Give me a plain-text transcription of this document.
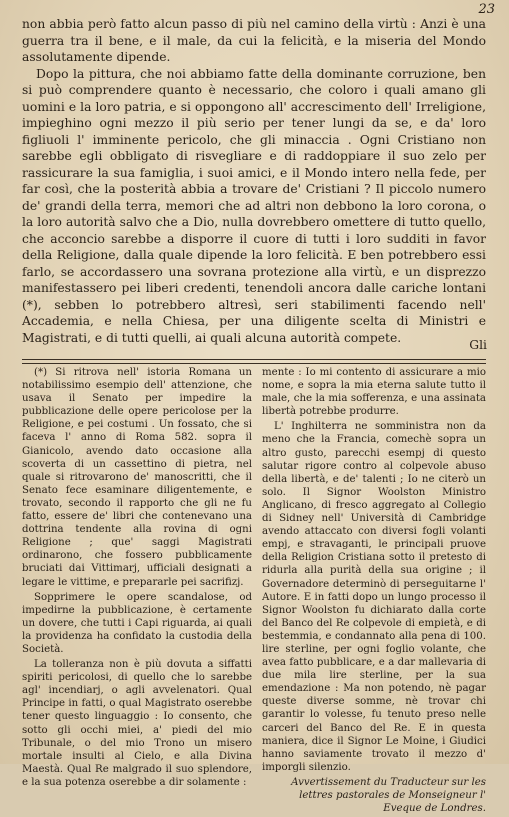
23

non abbia però fatto alcun passo di più nel camino della virtù : Anzi è una guerra tra il bene, e il male, da cui la felicità, e la miseria del Mondo assolutamente dipende.

Dopo la pittura, che noi abbiamo fatte della dominante corruzione, ben si può comprendere quanto è necessario, che coloro i quali amano gli uomini e la loro patria, e si oppongono all' accrescimento dell' Irreligione, impieghino ogni mezzo il più serio per tener lungi da se, e da' loro figliuoli l' imminente pericolo, che gli minaccia . Ogni Cristiano non sarebbe egli obbligato di risvegliare e di raddoppiare il suo zelo per rassicurare la sua famiglia, i suoi amici, e il Mondo intero nella fede, per far così, che la posterità abbia a trovare de' Cristiani ? Il piccolo numero de' grandi della terra, memori che ad altri non debbono la loro corona, o la loro autorità salvo che a Dio, nulla dovrebbero omettere di tutto quello, che acconcio sarebbe a disporre il cuore di tutti i loro sudditi in favor della Religione, dalla quale dipende la loro felicità. E ben potrebbero essi farlo, se accordassero una sovrana protezione alla virtù, e un disprezzo manifestassero pei liberi credenti, tenendoli ancora dalle cariche lontani (*), sebben lo potrebbero altresì, seri stabilimenti facendo nell' Accademia, e nella Chiesa, per una diligente scelta di Ministri e Magistrati, e di tutti quelli, ai quali alcuna autorità compete.

Gli

(*) Si ritrova nell' istoria Romana un notabilissimo esempio dell' attenzione, che usava il Senato per impedire la pubblicazione delle opere pericolose per la Religione, e pei costumi . Un fossato, che si faceva l' anno di Roma 582. sopra il Gianicolo, avendo dato occasione alla scoverta di un cassettino di pietra, nel quale si ritrovarono de' manoscritti, che il Senato fece esaminare diligentemente, e trovato, secondo il rapporto che gli ne fu fatto, essere de' libri che contenevano una dottrina tendente alla rovina di ogni Religione ; que' saggi Magistrati ordinarono, che fossero pubblicamente bruciati dai Vittimarj, ufficiali designati a legare le vittime, e prepararle pei sacrifizj.

Sopprimere le opere scandalose, od impedirne la pubblicazione, è certamente un dovere, che tutti i Capi riguarda, ai quali la providenza ha confidato la custodia della Società.

La tolleranza non è più dovuta a siffatti spiriti pericolosi, di quello che lo sarebbe agl' incendiarj, o agli avvelenatori. Qual Principe in fatti, o qual Magistrato oserebbe tener questo linguaggio : Io consento, che sotto gli occhi miei, a' piedi del mio Tribunale, o del mio Trono un misero mortale insulti al Cielo, e alla Divina Maestà. Qual Re malgrado il suo splendore, e la sua potenza oserebbe a dir solamente :

mente : Io mi contento di assicurare a mio nome, e sopra la mia eterna salute tutto il male, che la mia sofferenza, e una assinata libertà potrebbe produrre.

L' Inghilterra ne somministra non da meno che la Francia, comechè sopra un altro gusto, parecchi esempj di questo salutar rigore contro al colpevole abuso della libertà, e de' talenti ; Io ne citerò un solo. Il Signor Woolston Ministro Anglicano, di fresco aggregato al Collegio di Sidney nell' Università di Cambridge avendo attaccato con diversi fogli volanti empj, e stravaganti, le principali pruove della Religion Cristiana sotto il pretesto di ridurla alla purità della sua origine ; il Governadore determinò di perseguitarne l' Autore. E in fatti dopo un lungo processo il Signor Woolston fu dichiarato dalla corte del Banco del Re colpevole di empietà, e di bestemmia, e condannato alla pena di 100. lire sterline, per ogni foglio volante, che avea fatto pubblicare, e a dar mallevaria di due mila lire sterline, per la sua emendazione : Ma non potendo, nè pagar queste diverse somme, nè trovar chi garantir lo volesse, fu tenuto preso nelle carceri del Banco del Re. E in questa maniera, dice il Signor Le Moine, i Giudici hanno saviamente trovato il mezzo d' imporgli silenzio.

Avvertissement du Traducteur sur les lettres pastorales de Monseigneur l' Eveque de Londres.
